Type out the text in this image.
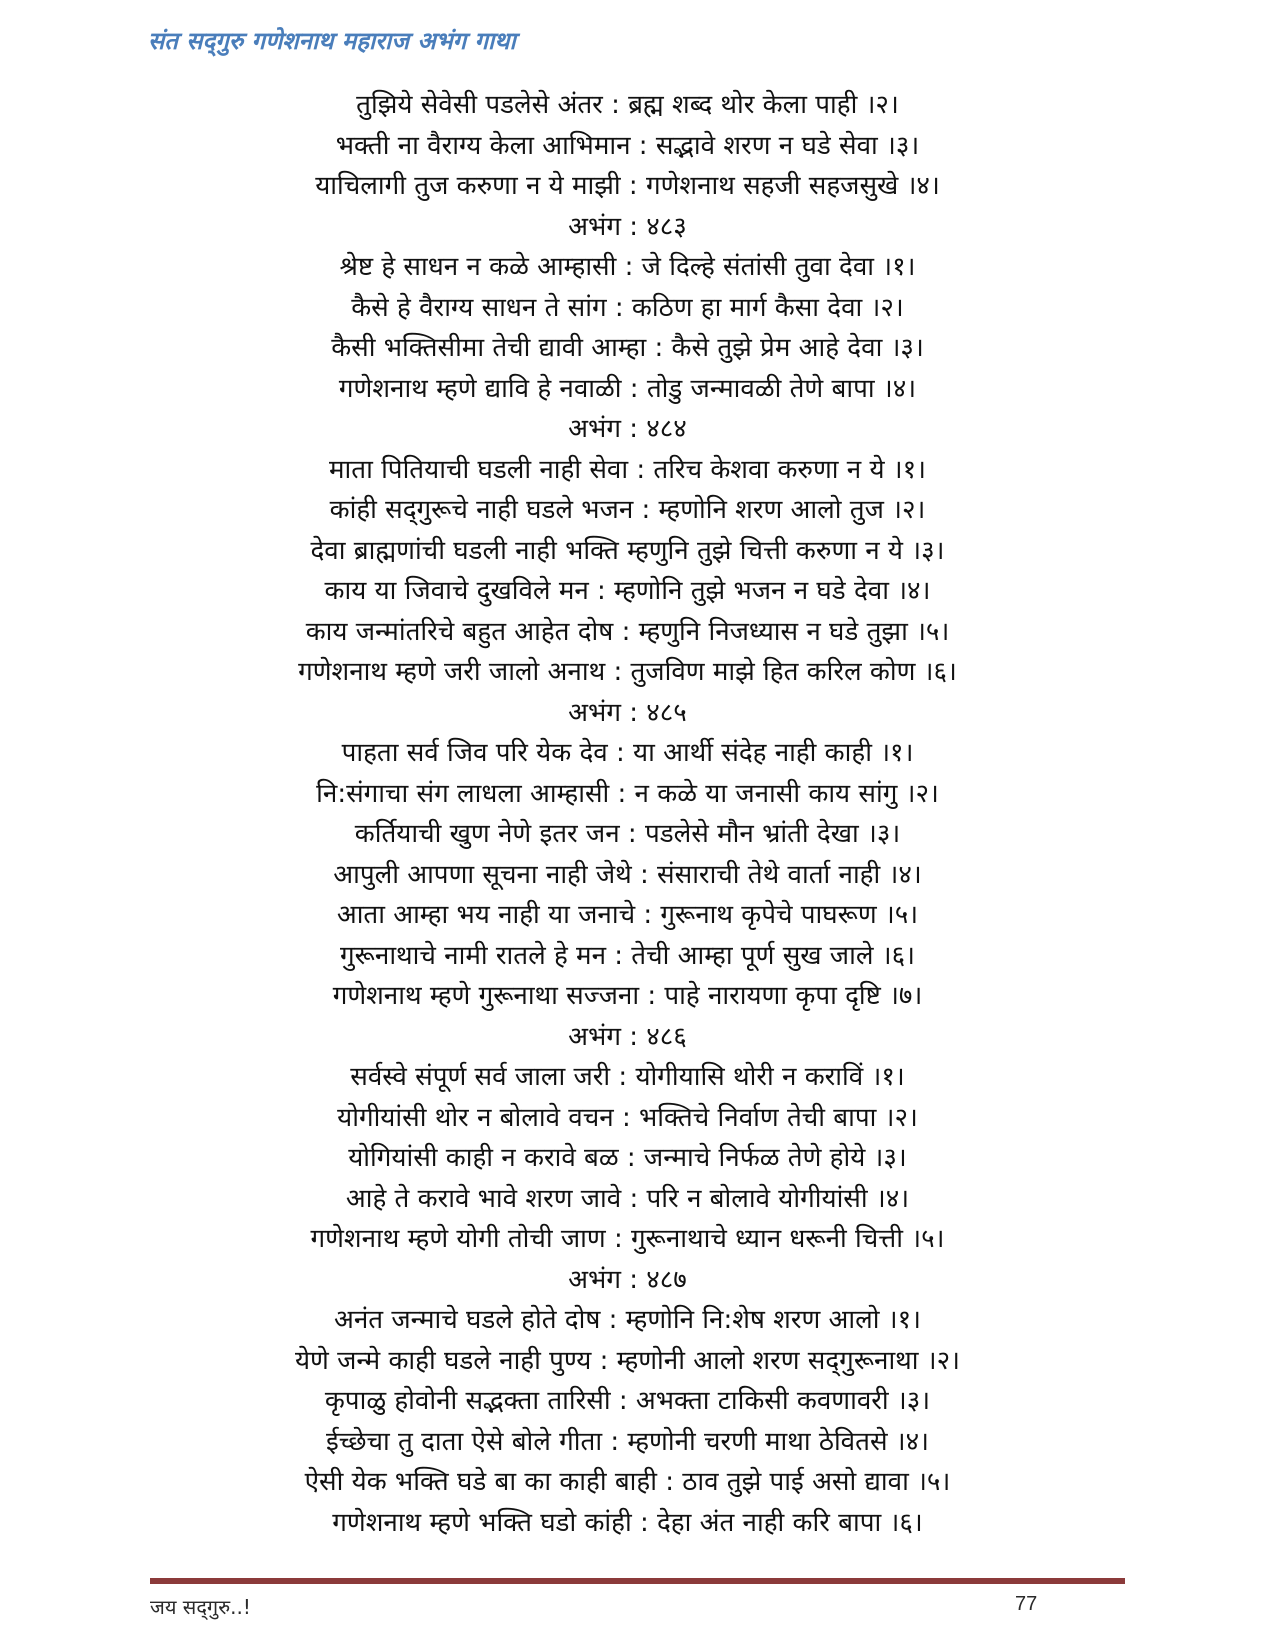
संत सद्‌गुरु गणेशनाथ महाराज अभंग गाथा
तुझिये सेवेसी पडलेसे अंतर : ब्रह्म शब्द थोर केला पाही ।२।
भक्ती ना वैराग्य केला आभिमान : सद्भावे शरण न घडे सेवा ।३।
याचिलागी तुज करुणा न ये माझी : गणेशनाथ सहजी सहजसुखे ।४।
अभंग : ४८३
श्रेष्ट हे साधन न कळे आम्हासी : जे दिल्हे संतांसी तुवा देवा ।१।
कैसे हे वैराग्य साधन ते सांग : कठिण हा मार्ग कैसा देवा ।२।
कैसी भक्तिसीमा तेची द्यावी आम्हा : कैसे तुझे प्रेम आहे देवा ।३।
गणेशनाथ म्हणे द्यावि हे नवाळी : तोडु जन्मावळी तेणे बापा ।४।
अभंग : ४८४
माता पितियाची घडली नाही सेवा : तरिच केशवा करुणा न ये ।१।
कांही सद्‌गुरूचे नाही घडले भजन : म्हणोनि शरण आलो तुज ।२।
देवा ब्राह्मणांची घडली नाही भक्ति म्हणुनि तुझे चित्ती करुणा न ये ।३।
काय या जिवाचे दुखविले मन : म्हणोनि तुझे भजन न घडे देवा ।४।
काय जन्मांतरिचे बहुत आहेत दोष : म्हणुनि निजध्यास न घडे तुझा ।५।
गणेशनाथ म्हणे जरी जालो अनाथ : तुजविण माझे हित करिल कोण ।६।
अभंग : ४८५
पाहता सर्व जिव परि येक देव : या आर्थी संदेह नाही काही ।१।
नि:संगाचा संग लाधला आम्हासी : न कळे या जनासी काय सांगु ।२।
कर्तियाची खुण नेणे इतर जन : पडलेसे मौन भ्रांती देखा ।३।
आपुली आपणा सूचना नाही जेथे : संसाराची तेथे वार्ता नाही ।४।
आता आम्हा भय नाही या जनाचे : गुरूनाथ कृपेचे पाघरूण ।५।
गुरूनाथाचे नामी रातले हे मन : तेची आम्हा पूर्ण सुख जाले ।६।
गणेशनाथ म्हणे गुरूनाथा सज्जना : पाहे नारायणा कृपा दृष्टि ।७।
अभंग : ४८६
सर्वस्वे संपूर्ण सर्व जाला जरी : योगीयासि थोरी न कराविं ।१।
योगीयांसी थोर न बोलावे वचन : भक्तिचे निर्वाण तेची बापा ।२।
योगियांसी काही न करावे बळ : जन्माचे निर्फळ तेणे होये ।३।
आहे ते करावे भावे शरण जावे : परि न बोलावे योगीयांसी ।४।
गणेशनाथ म्हणे योगी तोची जाण : गुरूनाथाचे ध्यान धरूनी चित्ती ।५।
अभंग : ४८७
अनंत जन्माचे घडले होते दोष : म्हणोनि नि:शेष शरण आलो ।१।
येणे जन्मे काही घडले नाही पुण्य : म्हणोनी आलो शरण सद्‌गुरूनाथा ।२।
कृपाळु होवोनी सद्भक्ता तारिसी : अभक्ता टाकिसी कवणावरी ।३।
ईच्छेचा तु दाता ऐसे बोले गीता : म्हणोनी चरणी माथा ठेवितसे ।४।
ऐसी येक भक्ति घडे बा का काही बाही : ठाव तुझे पाई असो द्यावा ।५।
गणेशनाथ म्हणे भक्ति घडो कांही : देहा अंत नाही करि बापा ।६।
जय सद्‌गुरु..!	77
